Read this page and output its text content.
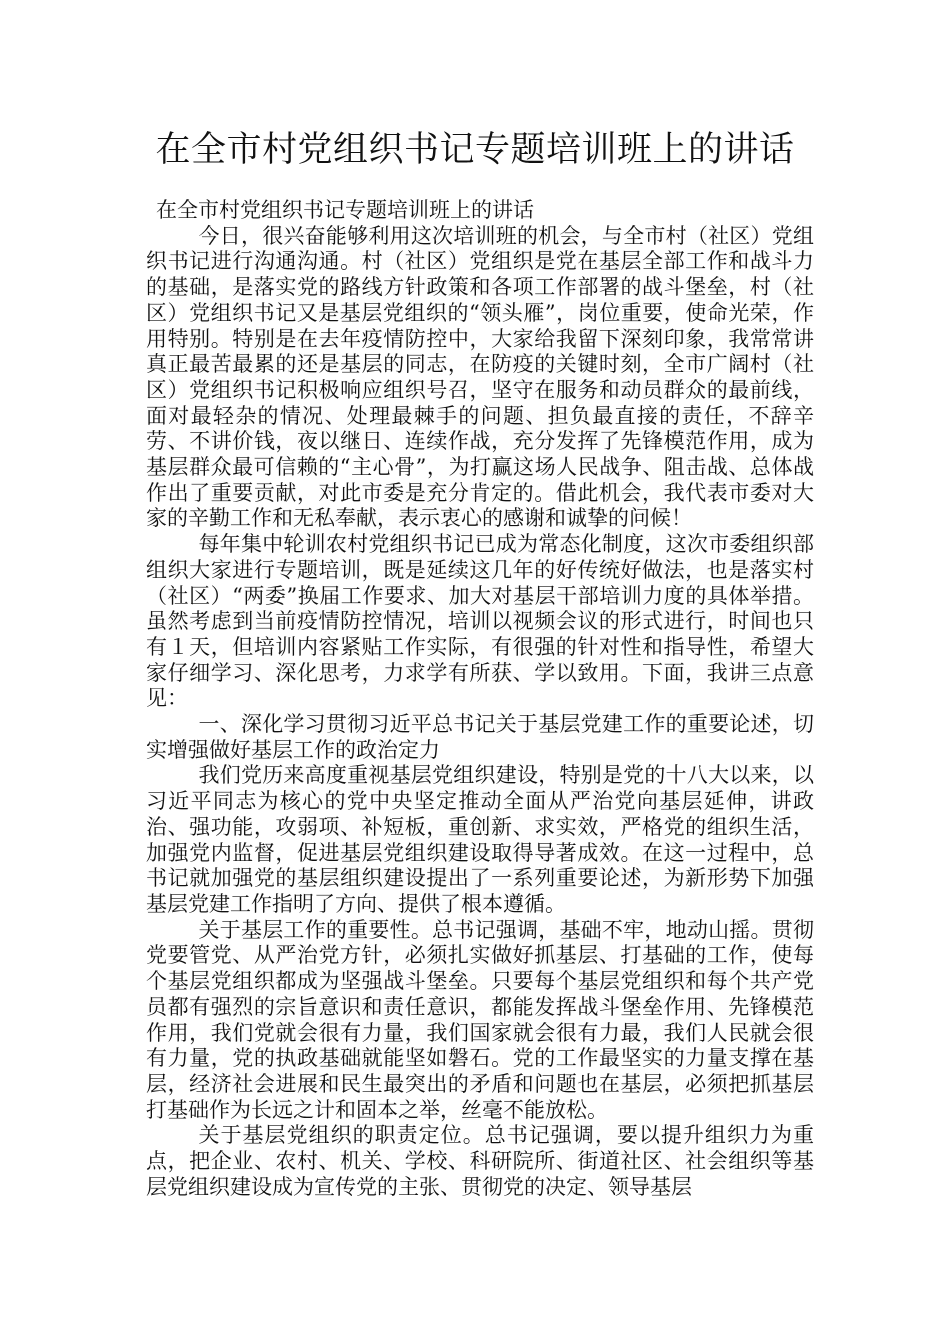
在全市村党组织书记专题培训班上的讲话

在全市村党组织书记专题培训班上的讲话

今日，很兴奋能够利用这次培训班的机会，与全市村（社区）党组织书记进行沟通沟通。村（社区）党组织是党在基层全部工作和战斗力的基础，是落实党的路线方针政策和各项工作部署的战斗堡垒，村（社区）党组织书记又是基层党组织的“领头雁”，岗位重要，使命光荣，作用特别。特别是在去年疫情防控中，大家给我留下深刻印象，我常常讲真正最苦最累的还是基层的同志，在防疫的关键时刻，全市广阔村（社区）党组织书记积极响应组织号召，坚守在服务和动员群众的最前线，面对最轻杂的情况、处理最棘手的问题、担负最直接的责任，不辞辛劳、不讲价钱，夜以继日、连续作战，充分发挥了先锋模范作用，成为基层群众最可信赖的“主心骨”，为打赢这场人民战争、阻击战、总体战作出了重要贡献，对此市委是充分肯定的。借此机会，我代表市委对大家的辛勤工作和无私奉献，表示衷心的感谢和诚挚的问候！

每年集中轮训农村党组织书记已成为常态化制度，这次市委组织部组织大家进行专题培训，既是延续这几年的好传统好做法，也是落实村（社区）“两委”换届工作要求、加大对基层干部培训力度的具体举措。虽然考虑到当前疫情防控情况，培训以视频会议的形式进行，时间也只有１天，但培训内容紧贴工作实际，有很强的针对性和指导性，希望大家仔细学习、深化思考，力求学有所获、学以致用。下面，我讲三点意见：

一、深化学习贯彻习近平总书记关于基层党建工作的重要论述，切实增强做好基层工作的政治定力

我们党历来高度重视基层党组织建设，特别是党的十八大以来，以习近平同志为核心的党中央坚定推动全面从严治党向基层延伸，讲政治、强功能，攻弱项、补短板，重创新、求实效，严格党的组织生活，加强党内监督，促进基层党组织建设取得导著成效。在这一过程中，总书记就加强党的基层组织建设提出了一系列重要论述，为新形势下加强基层党建工作指明了方向、提供了根本遵循。

关于基层工作的重要性。总书记强调，基础不牢，地动山摇。贯彻党要管党、从严治党方针，必须扎实做好抓基层、打基础的工作，使每个基层党组织都成为坚强战斗堡垒。只要每个基层党组织和每个共产党员都有强烈的宗旨意识和责任意识，都能发挥战斗堡垒作用、先锋模范作用，我们党就会很有力量，我们国家就会很有力最，我们人民就会很有力量，党的执政基础就能坚如磐石。党的工作最坚实的力量支撑在基层，经济社会进展和民生最突出的矛盾和问题也在基层，必须把抓基层打基础作为长远之计和固本之举，丝毫不能放松。

关于基层党组织的职责定位。总书记强调，要以提升组织力为重点，把企业、农村、机关、学校、科研院所、街道社区、社会组织等基层党组织建设成为宣传党的主张、贯彻党的决定、领导基层
